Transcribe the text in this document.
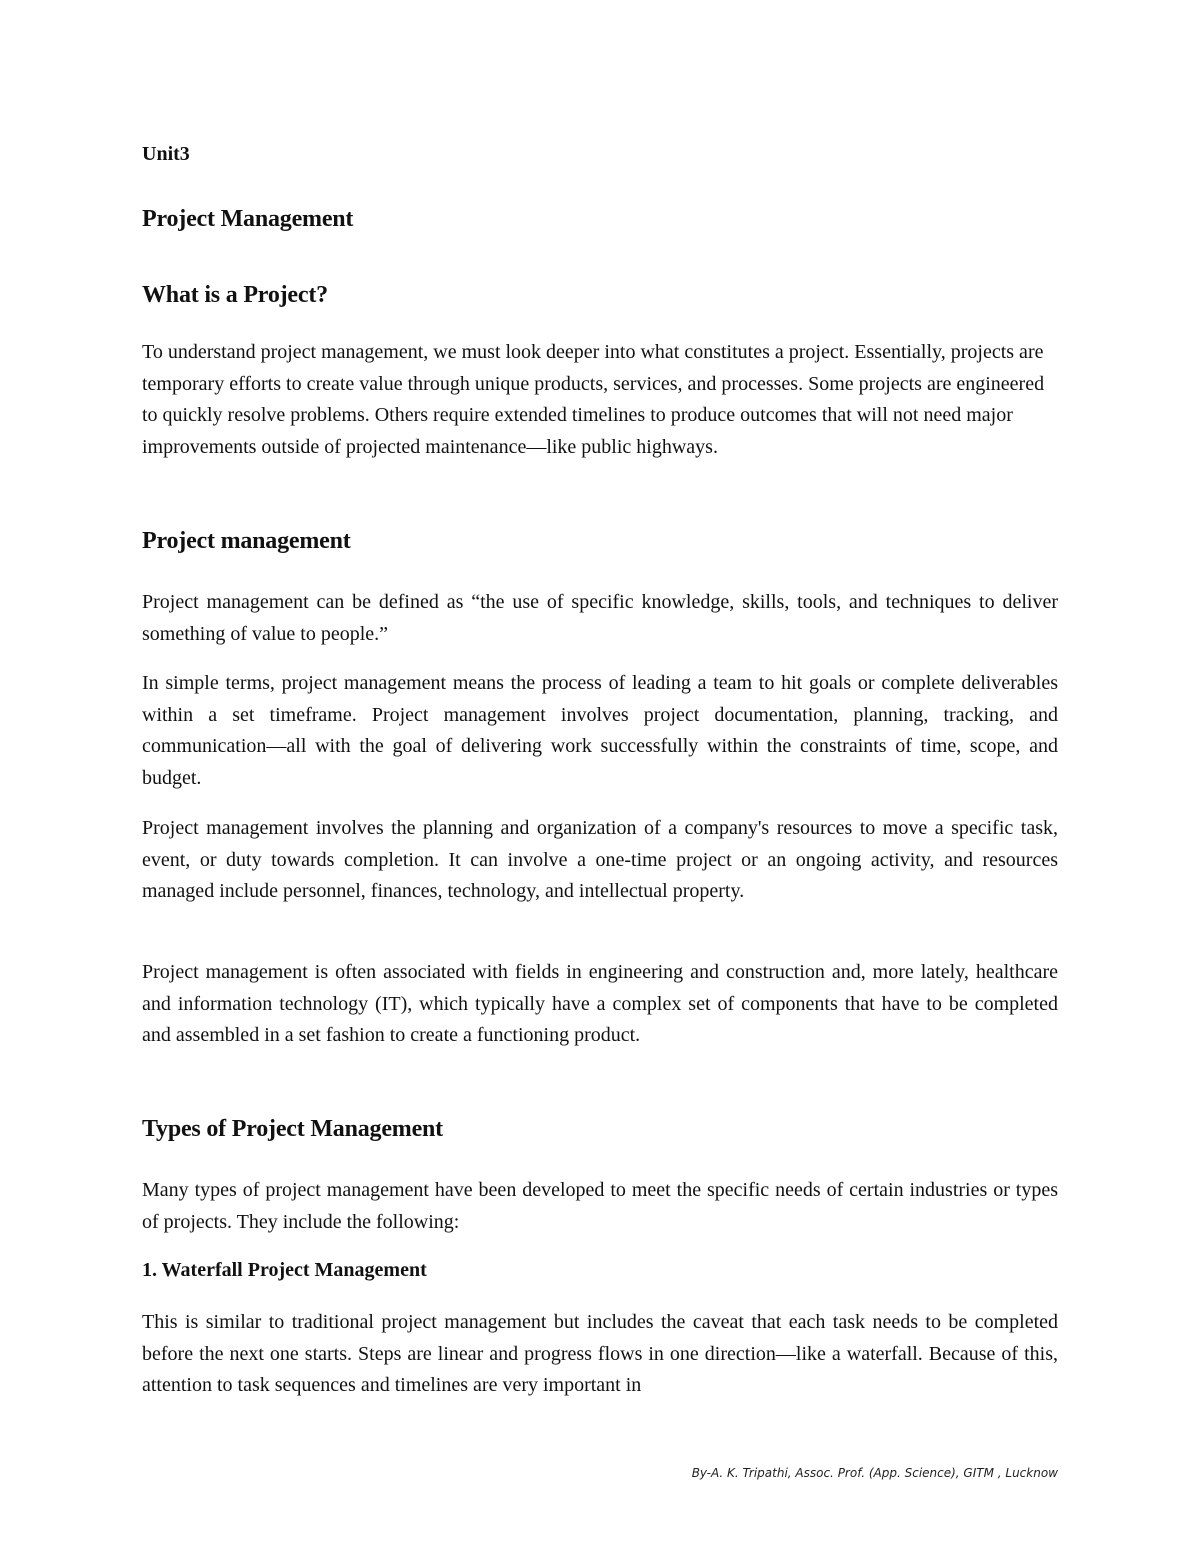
Unit3

Project Management
What is a Project?

To understand project management, we must look deeper into what constitutes a project. Essentially, projects are temporary efforts to create value through unique products, services, and processes. Some projects are engineered to quickly resolve problems. Others require extended timelines to produce outcomes that will not need major improvements outside of projected maintenance—like public highways.

Project management

Project management can be defined as “the use of specific knowledge, skills, tools, and techniques to deliver something of value to people.”

In simple terms, project management means the process of leading a team to hit goals or complete deliverables within a set timeframe. Project management involves project documentation, planning, tracking, and communication—all with the goal of delivering work successfully within the constraints of time, scope, and budget.

Project management involves the planning and organization of a company's resources to move a specific task, event, or duty towards completion. It can involve a one-time project or an ongoing activity, and resources managed include personnel, finances, technology, and intellectual property.

Project management is often associated with fields in engineering and construction and, more lately, healthcare and information technology (IT), which typically have a complex set of components that have to be completed and assembled in a set fashion to create a functioning product.

Types of Project Management

Many types of project management have been developed to meet the specific needs of certain industries or types of projects. They include the following:

1. Waterfall Project Management

This is similar to traditional project management but includes the caveat that each task needs to be completed before the next one starts. Steps are linear and progress flows in one direction—like a waterfall. Because of this, attention to task sequences and timelines are very important in

By-A. K. Tripathi, Assoc. Prof. (App. Science), GITM , Lucknow
